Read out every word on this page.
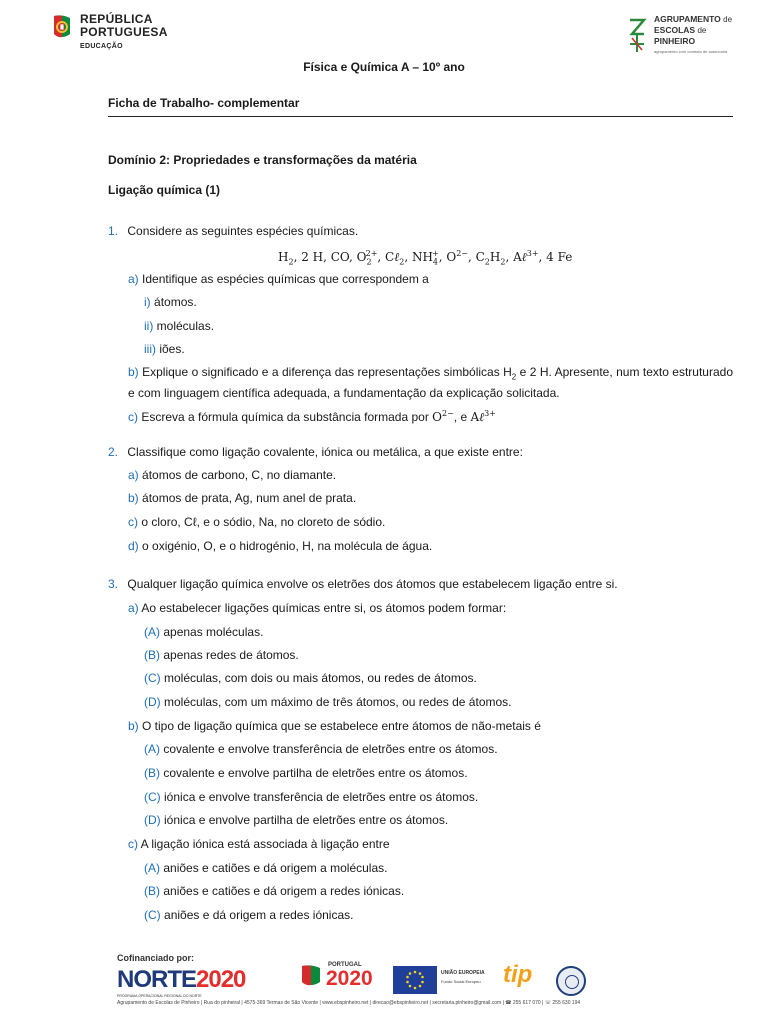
REPÚBLICA
PORTUGUESA
EDUCAÇÃO
AGRUPAMENTO de
ESCOLAS de
PINHEIRO
agrupamento com contrato de autonomia
Física e Química A – 10º ano
Ficha de Trabalho- complementar
Domínio 2: Propriedades e transformações da matéria
Ligação química (1)
1. Considere as seguintes espécies químicas.
$H_2$, 2 H, CO, $O_2^{2+}$, Cℓ$_2$, $NH_4^+$, $O^{2-}$, $C_2H_2$, Aℓ$^{3+}$, 4 Fe
a) Identifique as espécies químicas que correspondem a
i) átomos.
ii) moléculas.
iii) iões.
b) Explique o significado e a diferença das representações simbólicas $H_2$ e 2 H. Apresente, num texto estruturado e com linguagem científica adequada, a fundamentação da explicação solicitada.
c) Escreva a fórmula química da substância formada por $O^{2-}$, e Aℓ$^{3+}$
2. Classifique como ligação covalente, iónica ou metálica, a que existe entre:
a) átomos de carbono, C, no diamante.
b) átomos de prata, Ag, num anel de prata.
c) o cloro, Cℓ, e o sódio, Na, no cloreto de sódio.
d) o oxigénio, O, e o hidrogénio, H, na molécula de água.
3. Qualquer ligação química envolve os eletrões dos átomos que estabelecem ligação entre si.
a) Ao estabelecer ligações químicas entre si, os átomos podem formar:
(A) apenas moléculas.
(B) apenas redes de átomos.
(C) moléculas, com dois ou mais átomos, ou redes de átomos.
(D) moléculas, com um máximo de três átomos, ou redes de átomos.
b) O tipo de ligação química que se estabelece entre átomos de não-metais é
(A) covalente e envolve transferência de eletrões entre os átomos.
(B) covalente e envolve partilha de eletrões entre os átomos.
(C) iónica e envolve transferência de eletrões entre os átomos.
(D) iónica e envolve partilha de eletrões entre os átomos.
c) A ligação iónica está associada à ligação entre
(A) aniões e catiões e dá origem a moléculas.
(B) aniões e catiões e dá origem a redes iónicas.
(C) aniões e dá origem a redes iónicas.
Cofinanciado por:
NORTE2020
PROGRAMA OPERACIONAL REGIONAL DO NORTE
PORTUGAL
2020	UNIÃO EUROPEIA
Fundo Social Europeu tip
Agrupamento de Escolas de Pinheiro | Rua do pinheiral | 4575-369 Termas de São Vicente | www.ebspinheiro.net | direcao@ebspinheiro.net | secretaria.pinheiro@gmail.com | ☎ 255 617 070 | ☏ 255 630 194
